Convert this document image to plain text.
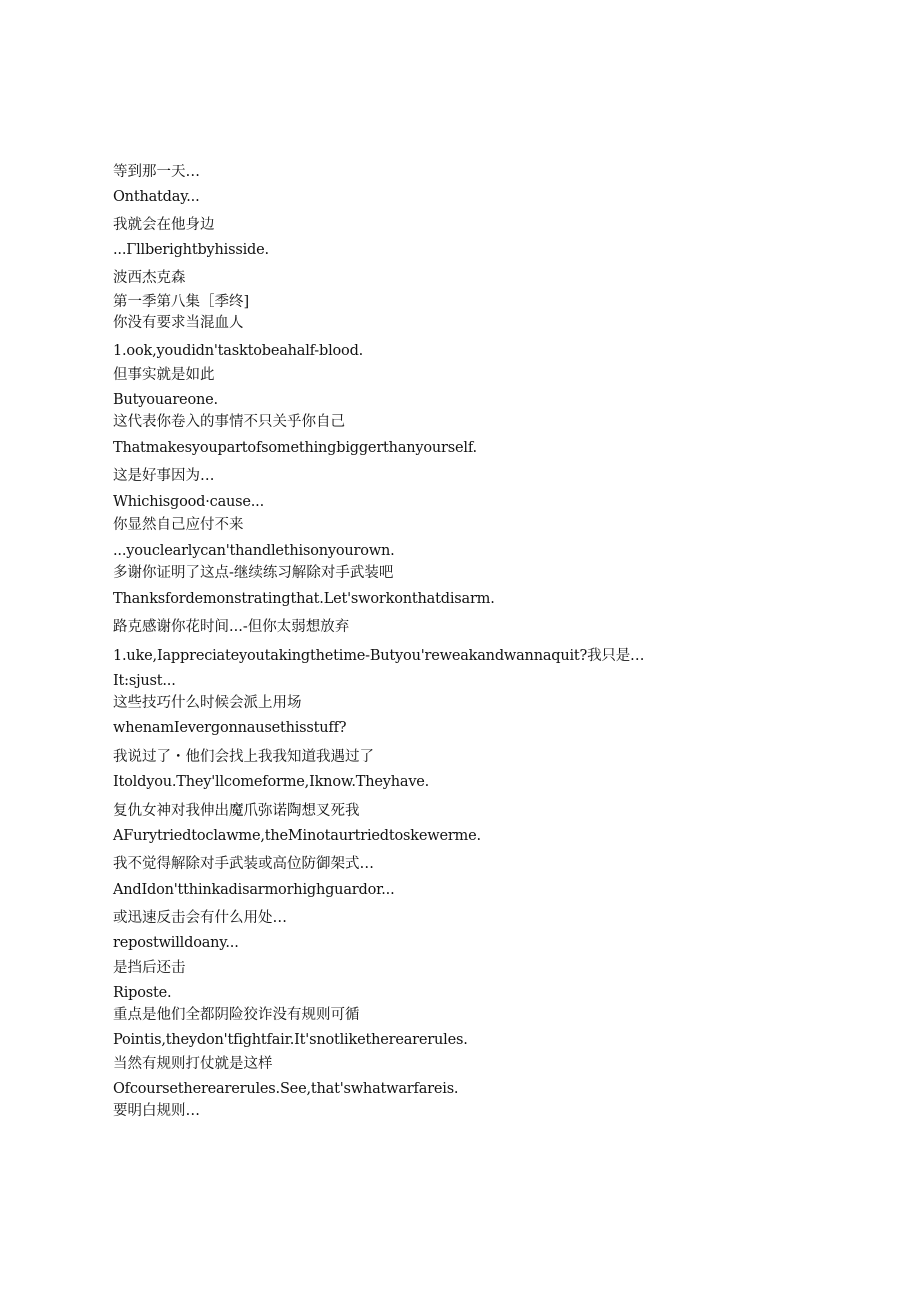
等到那一天…
Onthatday...
我就会在他身边
...Γllberightbyhisside.
波西杰克森
第一季第八集［季终]
你没有要求当混血人
1.ook,youdidn'tasktobeahalf-blood.
但事实就是如此
Butyouareone.
这代表你卷入的事情不只关乎你自己
Thatmakesyoupartofsomethingbiggerthanyourself.
这是好事因为…
Whichisgood·cause...
你显然自己应付不来
...youclearlycan'thandlethisonyourown.
多谢你证明了这点-继续练习解除对手武装吧
Thanksfordemonstratingthat.Let'sworkonthatdisarm.
路克感谢你花时间...-但你太弱想放弃
1.uke,Iappreciateyoutakingthetime-Butyou'reweakandwannaquit?我只是…
It:sjust...
这些技巧什么时候会派上用场
whenamIevergonnausethisstuff?
我说过了・他们会找上我我知道我遇过了
Itoldyou.They'llcomeforme,Iknow.Theyhave.
复仇女神对我伸出魔爪弥诺陶想叉死我
AFurytriedtoclawme,theMinotaurtriedtoskewerme.
我不觉得解除对手武装或高位防御架式…
AndIdon'tthinkadisarmorhighguardor...
或迅速反击会有什么用处…
repostwilldoany...
是挡后还击
Riposte.
重点是他们全都阴险狡诈没有规则可循
Pointis,theydon'tfightfair.It'snotliketherearerules.
当然有规则打仗就是这样
Ofcoursetherearerules.See,that'swhatwarfareis.
要明白规则…
